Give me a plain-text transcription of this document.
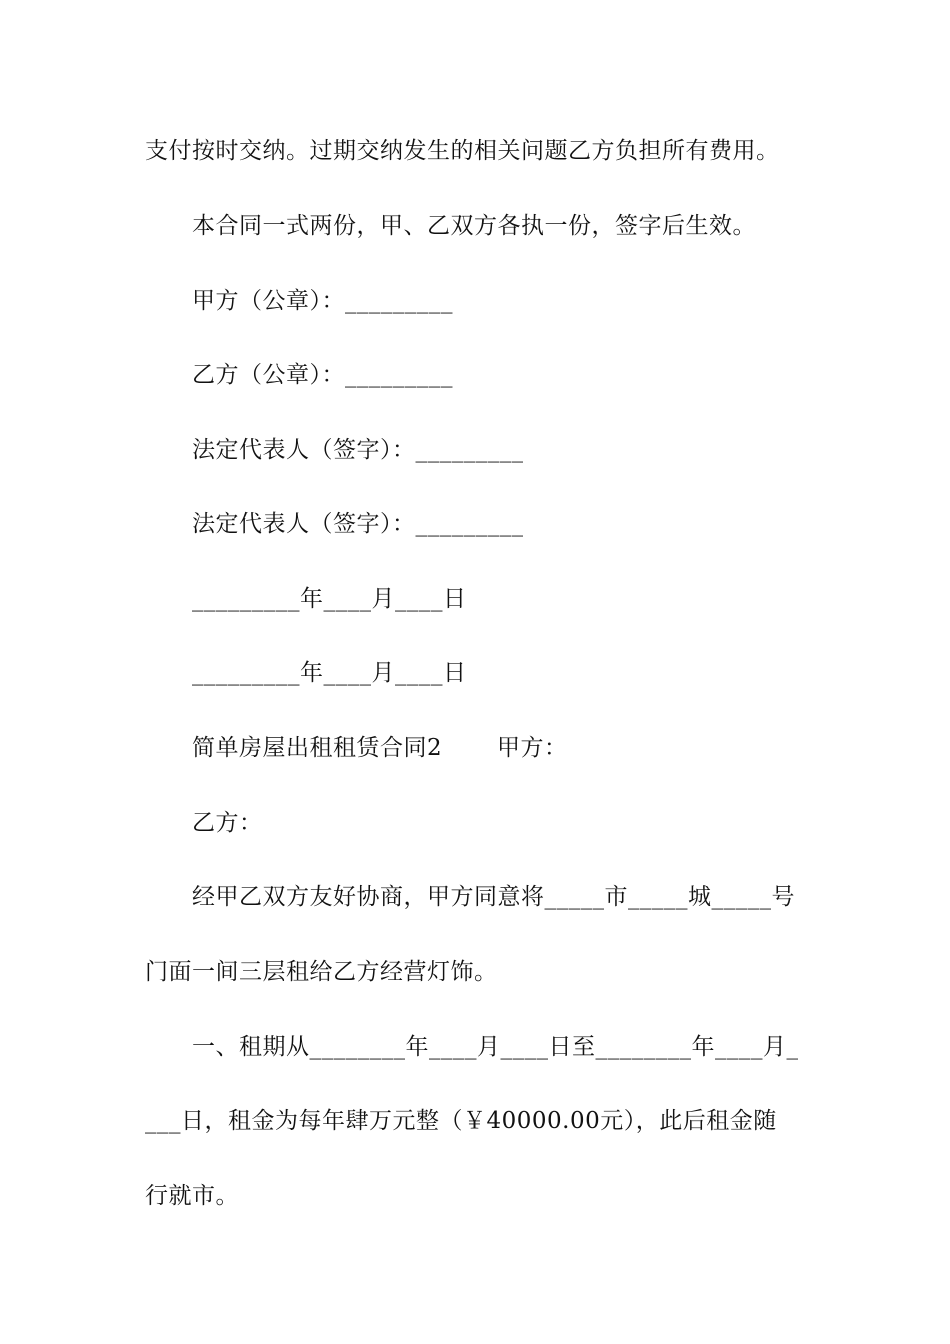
支付按时交纳。过期交纳发生的相关问题乙方负担所有费用。
本合同一式两份，甲、乙双方各执一份，签字后生效。
甲方（公章）：_________
乙方（公章）：_________
法定代表人（签字）：_________
法定代表人（签字）：_________
_________年____月____日
_________年____月____日
简单房屋出租租赁合同2　　 甲方：
乙方：
经甲乙双方友好协商，甲方同意将_____市_____城_____号
门面一间三层租给乙方经营灯饰。
一、租期从________年____月____日至________年____月_
___日，租金为每年肆万元整（￥40000.00元），此后租金随
行就市。
